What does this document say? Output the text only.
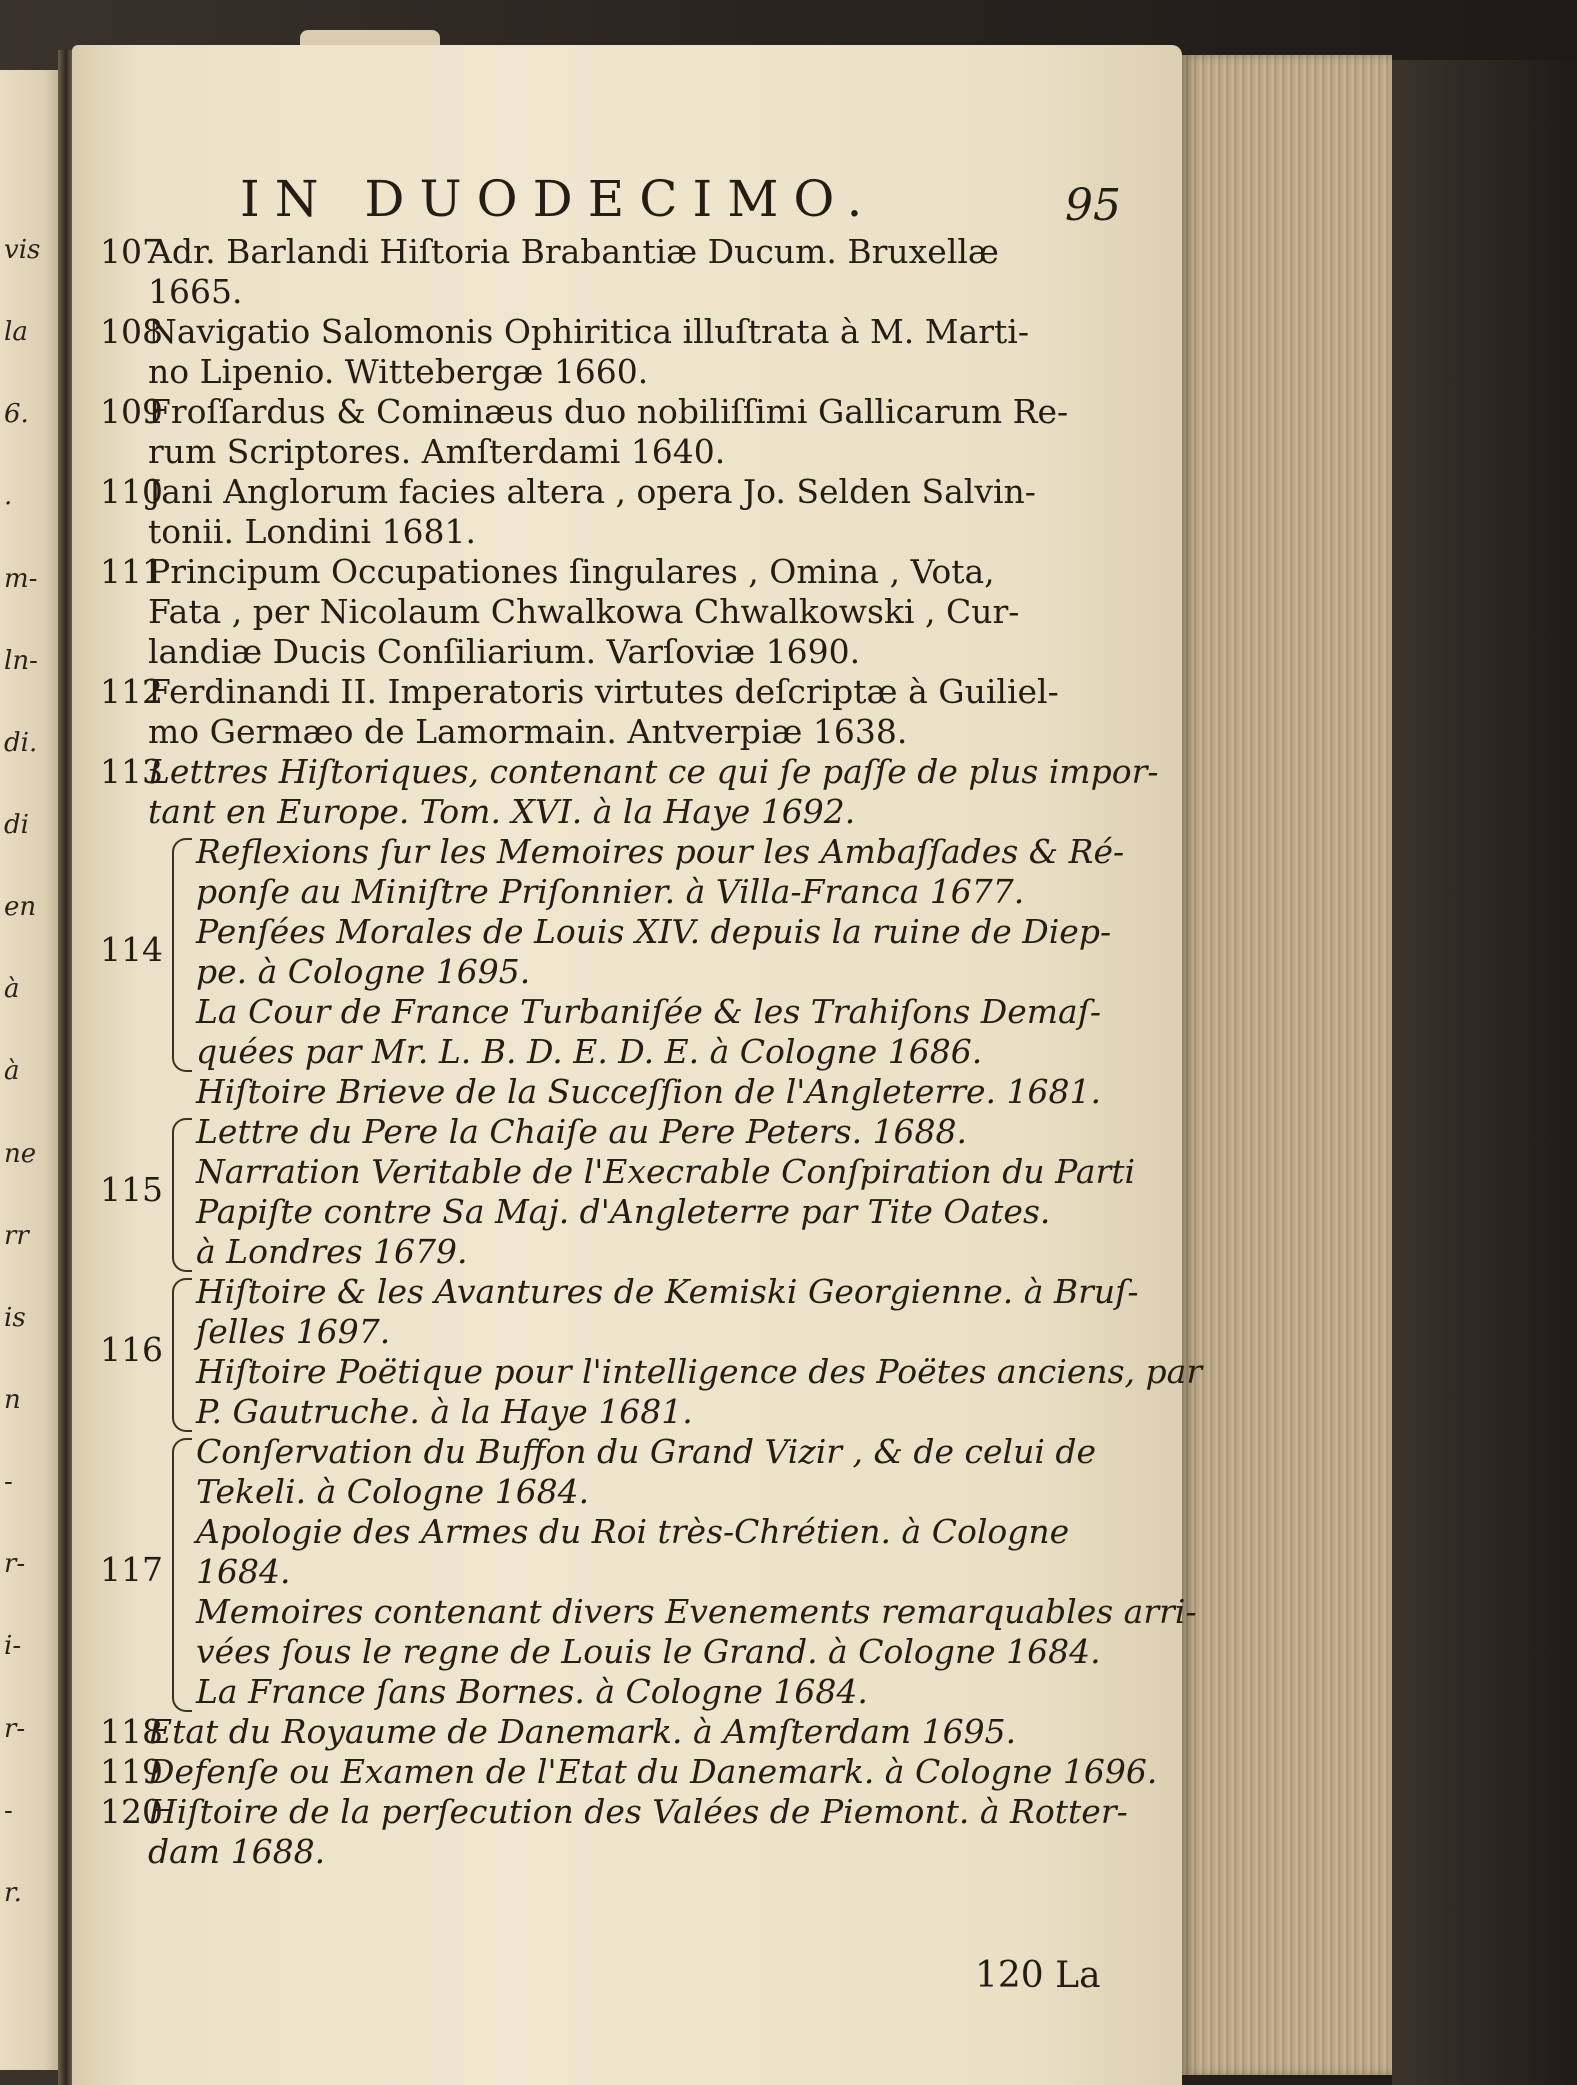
vis
la
6.
.
m-
ln-
di.
di
en
à
à
ne
rr
is
n
-
r-
i-
r-
-
r.
IN DUODECIMO.	95
Adr. Barlandi Hiſtoria Brabantiæ Ducum. Bruxellæ
1665.
107
Navigatio Salomonis Ophiritica illuſtrata à M. Marti-
no Lipenio. Wittebergæ 1660.
108
Froſſardus & Cominæus duo nobiliſſimi Gallicarum Re-
rum Scriptores. Amſterdami 1640.
109
Jani Anglorum facies altera , opera Jo. Selden Salvin-
tonii. Londini 1681.
110
Principum Occupationes ſingulares , Omina , Vota,
Fata , per Nicolaum Chwalkowa Chwalkowski , Cur-
landiæ Ducis Conſiliarium. Varſoviæ 1690.
111
Ferdinandi II. Imperatoris virtutes deſcriptæ à Guiliel-
mo Germæo de Lamormain. Antverpiæ 1638.
112
Lettres Hiſtoriques, contenant ce qui ſe paſſe de plus impor-
tant en Europe. Tom. XVI. à la Haye 1692.
113
Reflexions ſur les Memoires pour les Ambaſſades & Ré-
ponſe au Miniſtre Priſonnier. à Villa-Franca 1677.
Penſées Morales de Louis XIV. depuis la ruine de Diep-
pe. à Cologne 1695.
La Cour de France Turbaniſée & les Trahiſons Demaſ-
quées par Mr. L. B. D. E. D. E. à Cologne 1686.
114
Hiſtoire Brieve de la Succeſſion de l'Angleterre. 1681.
Lettre du Pere la Chaiſe au Pere Peters. 1688.
Narration Veritable de l'Execrable Conſpiration du Parti
Papiſte contre Sa Maj. d'Angleterre par Tite Oates.
à Londres 1679.
115
Hiſtoire & les Avantures de Kemiski Georgienne. à Bruſ-
ſelles 1697.
Hiſtoire Poëtique pour l'intelligence des Poëtes anciens, par
P. Gautruche. à la Haye 1681.
116
Conſervation du Buffon du Grand Vizir , & de celui de
Tekeli. à Cologne 1684.
Apologie des Armes du Roi très-Chrétien. à Cologne
1684.
Memoires contenant divers Evenements remarquables arri-
vées ſous le regne de Louis le Grand. à Cologne 1684.
La France ſans Bornes. à Cologne 1684.
117
Etat du Royaume de Danemark. à Amſterdam 1695.
118
Defenſe ou Examen de l'Etat du Danemark. à Cologne 1696.
119
Hiſtoire de la perſecution des Valées de Piemont. à Rotter-
dam 1688.
120
120 La
